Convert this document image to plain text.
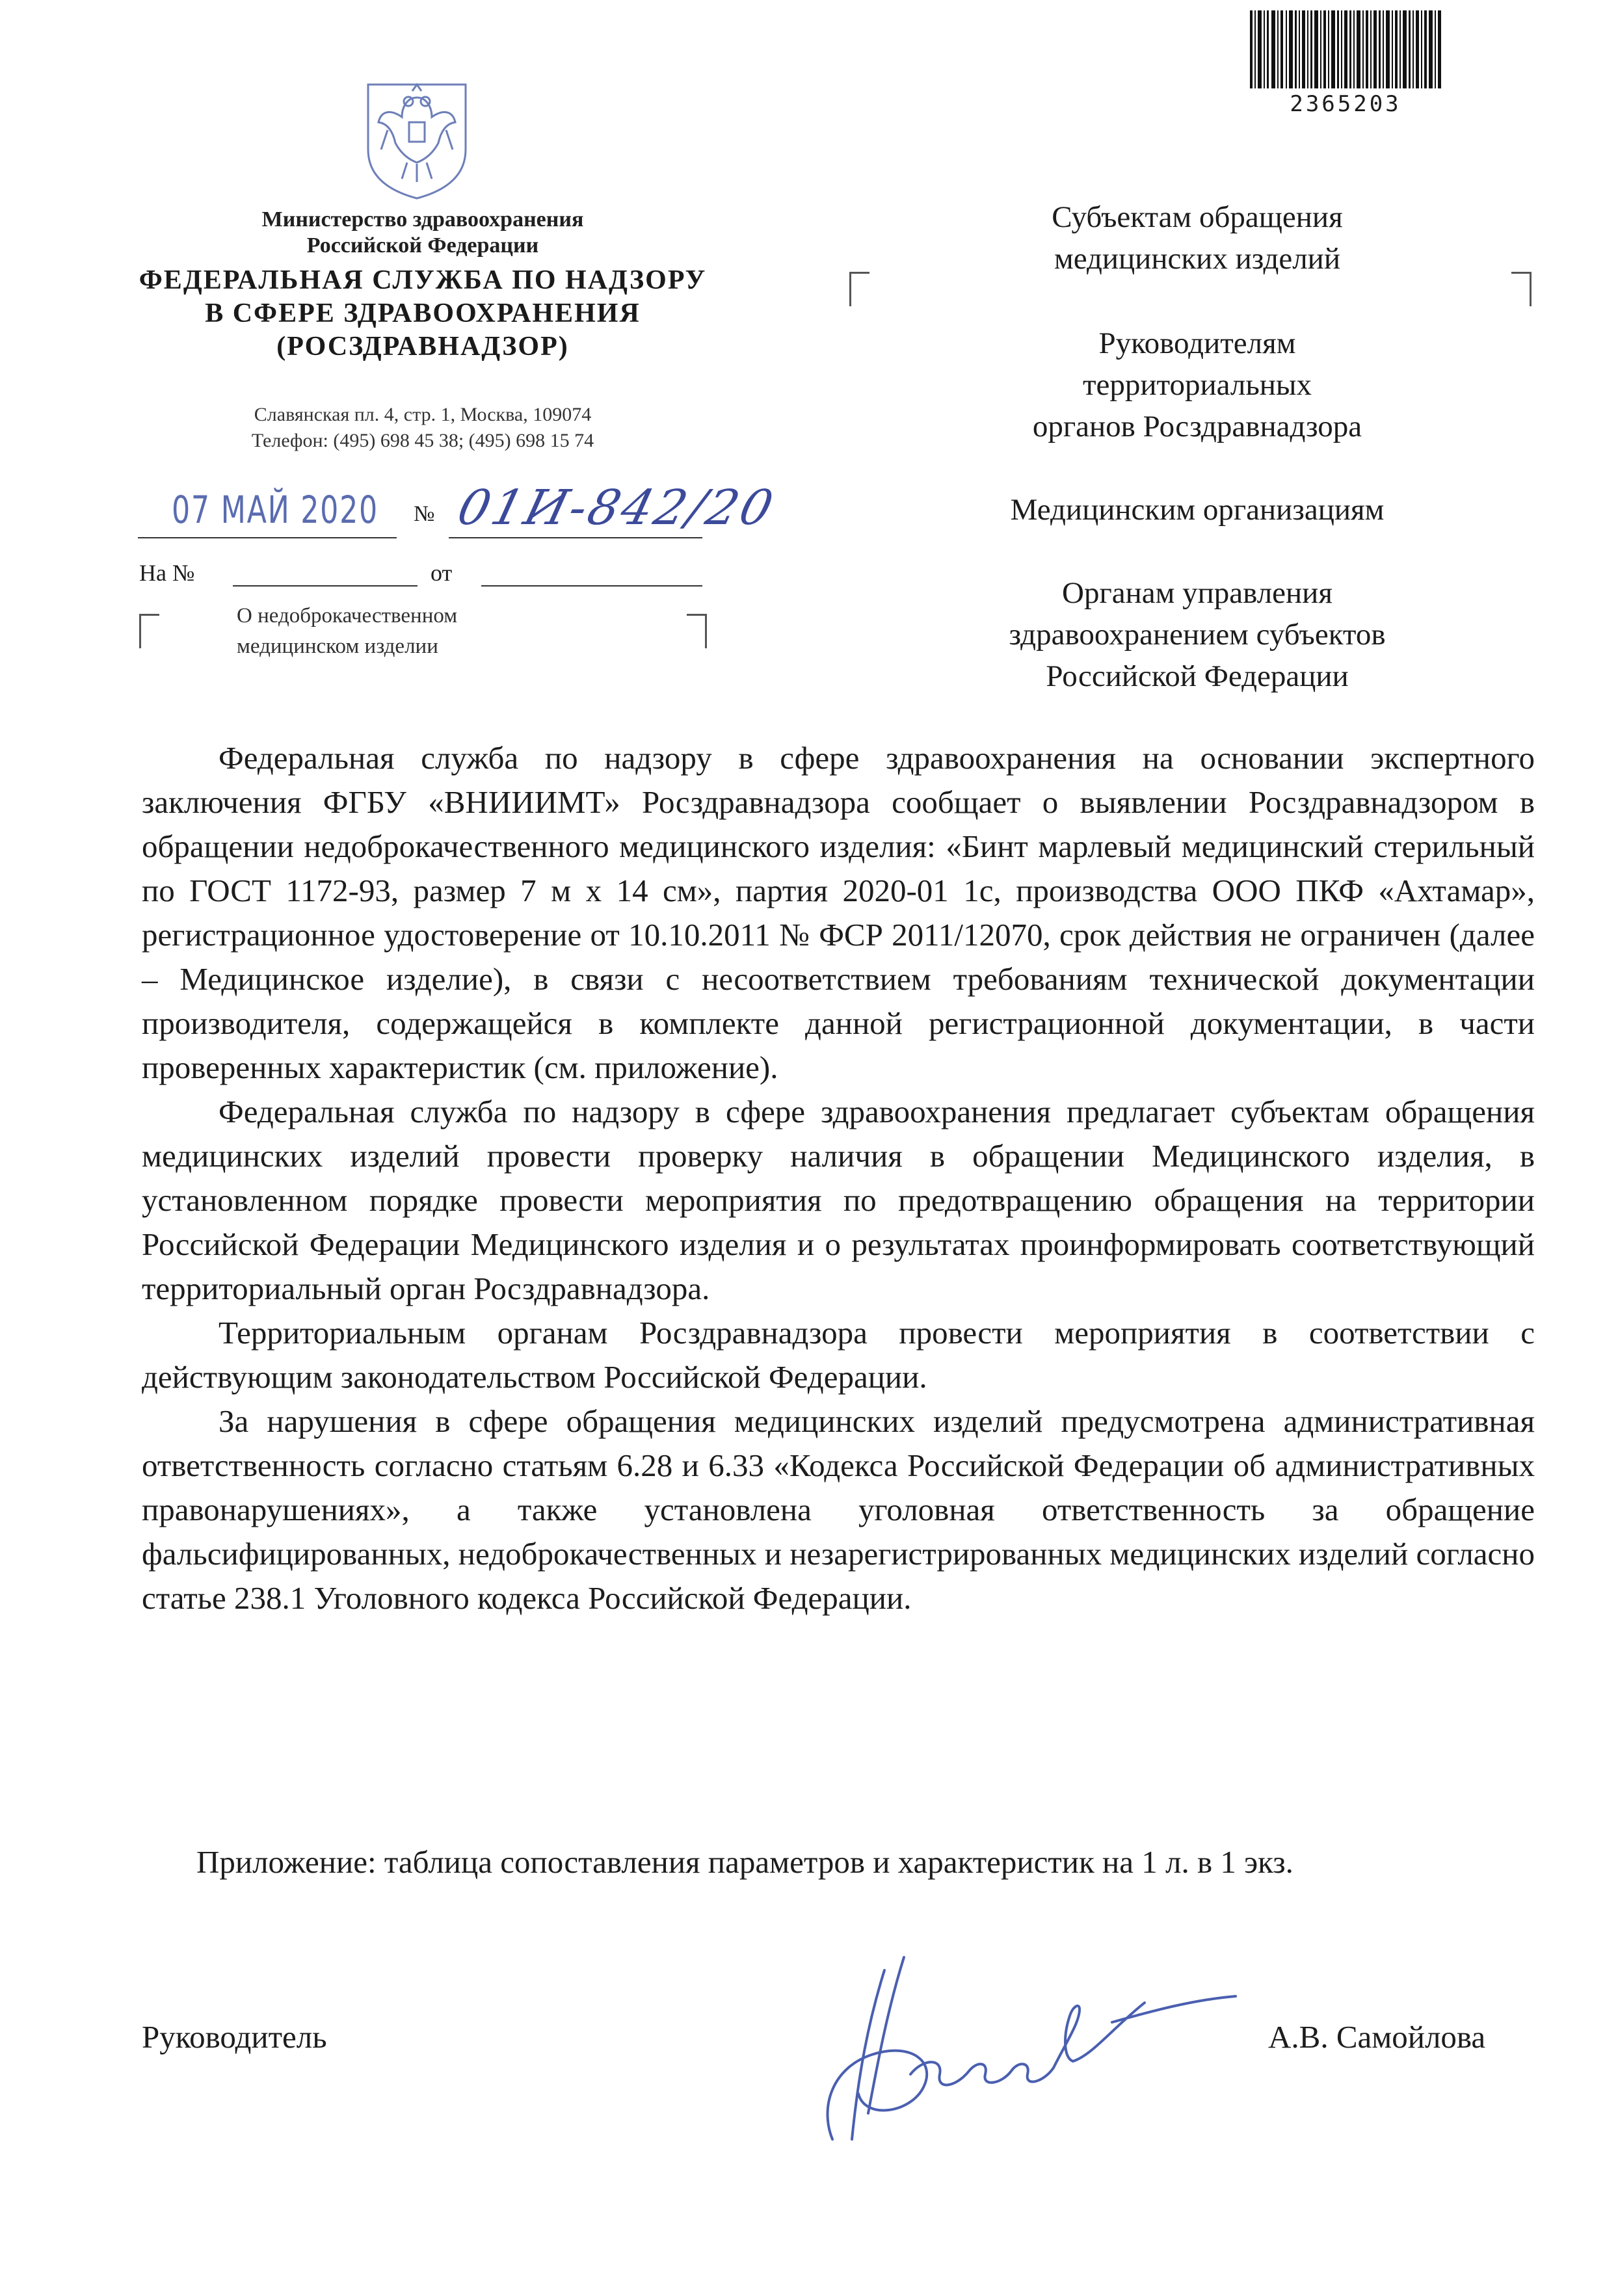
2365203
Министерство здравоохранения
Российской Федерации
ФЕДЕРАЛЬНАЯ СЛУЖБА ПО НАДЗОРУ
В СФЕРЕ ЗДРАВООХРАНЕНИЯ
(РОСЗДРАВНАДЗОР)
Славянская пл. 4, стр. 1, Москва, 109074
Телефон: (495) 698 45 38; (495) 698 15 74
07 МАЙ 2020 № 01И-842/20
На №	от
О недоброкачественном
медицинском изделии
Субъектам обращения
медицинских изделий
Руководителям
территориальных
органов Росздравнадзора
Медицинским организациям
Органам управления
здравоохранением субъектов
Российской Федерации

Федеральная служба по надзору в сфере здравоохранения на основании экспертного заключения ФГБУ «ВНИИИМТ» Росздравнадзора сообщает о выявлении Росздравнадзором в обращении недоброкачественного медицинского изделия: «Бинт марлевый медицинский стерильный по ГОСТ 1172-93, размер 7 м х 14 см», партия 2020-01 1с, производства ООО ПКФ «Ахтамар», регистрационное удостоверение от 10.10.2011 № ФСР 2011/12070, срок действия не ограничен (далее – Медицинское изделие), в связи с несоответствием требованиям технической документации производителя, содержащейся в комплекте данной регистрационной документации, в части проверенных характеристик (см. приложение).

Федеральная служба по надзору в сфере здравоохранения предлагает субъектам обращения медицинских изделий провести проверку наличия в обращении Медицинского изделия, в установленном порядке провести мероприятия по предотвращению обращения на территории Российской Федерации Медицинского изделия и о результатах проинформировать соответствующий территориальный орган Росздравнадзора.

Территориальным органам Росздравнадзора провести мероприятия в соответствии с действующим законодательством Российской Федерации.

За нарушения в сфере обращения медицинских изделий предусмотрена административная ответственность согласно статьям 6.28 и 6.33 «Кодекса Российской Федерации об административных правонарушениях», а также установлена уголовная ответственность за обращение фальсифицированных, недоброкачественных и незарегистрированных медицинских изделий согласно статье 238.1 Уголовного кодекса Российской Федерации.

Приложение: таблица сопоставления параметров и характеристик на 1 л. в 1 экз.
Руководитель	А.В. Самойлова
